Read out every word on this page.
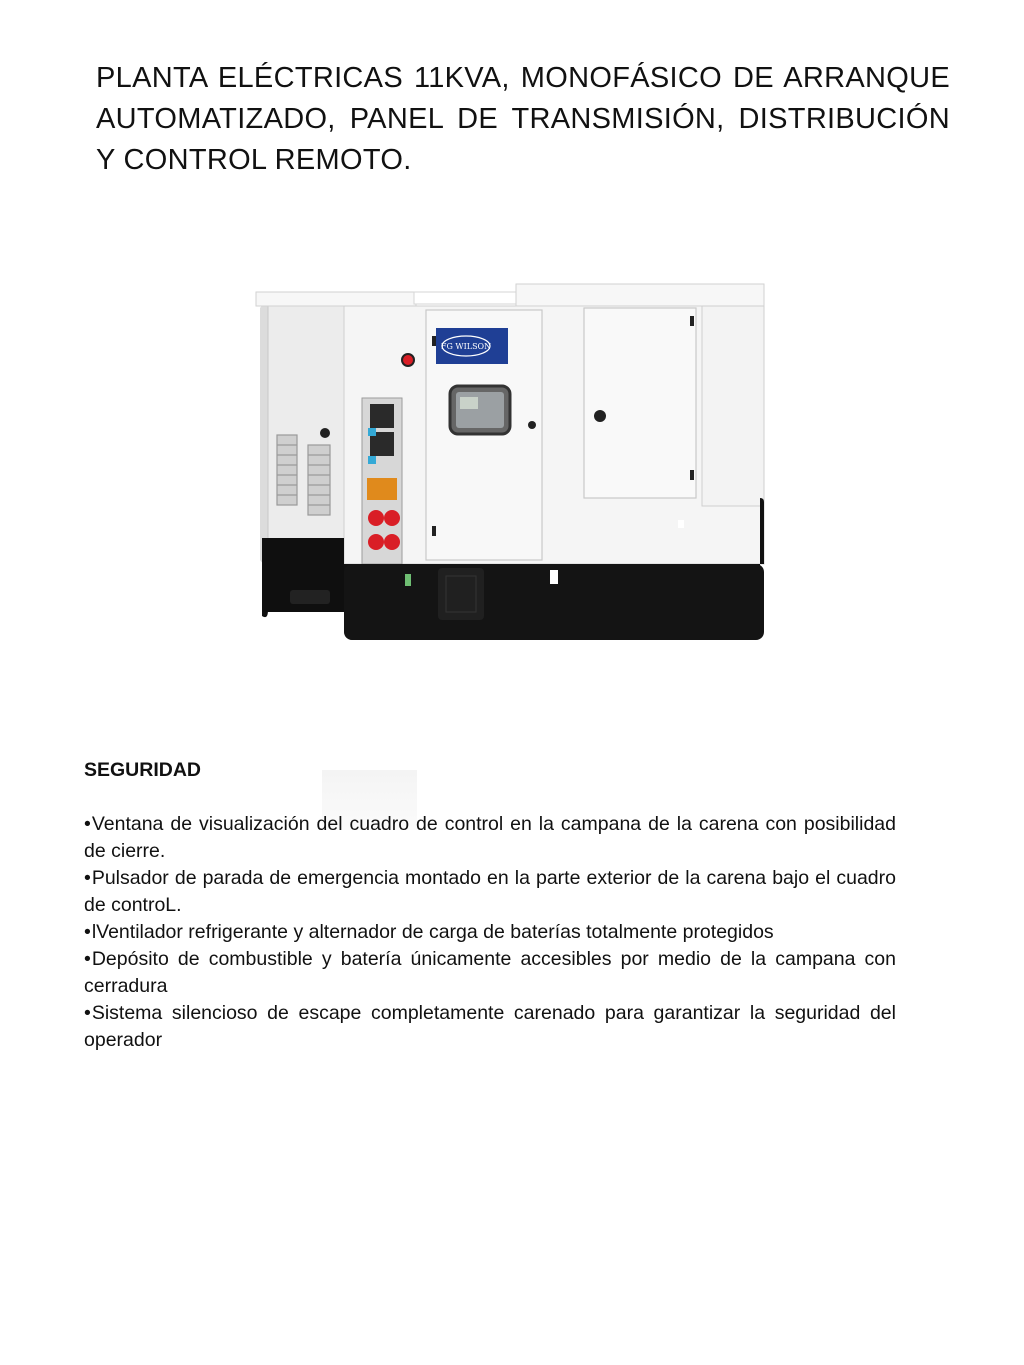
PLANTA ELÉCTRICAS 11KVA, MONOFÁSICO DE ARRANQUE AUTOMATIZADO, PANEL DE TRANSMISIÓN, DISTRIBUCIÓN Y CONTROL REMOTO.
FG WILSON
SEGURIDAD
•Ventana de visualización del cuadro de control en la campana de la carena con posibilidad de cierre.
•Pulsador de parada de emergencia montado en la parte exterior de la carena bajo el cuadro de controL.
•lVentilador refrigerante y alternador de carga de baterías totalmente protegidos
•Depósito de combustible y batería únicamente accesibles por medio de la campana con cerradura
•Sistema silencioso de escape completamente carenado para garantizar la seguridad del operador
